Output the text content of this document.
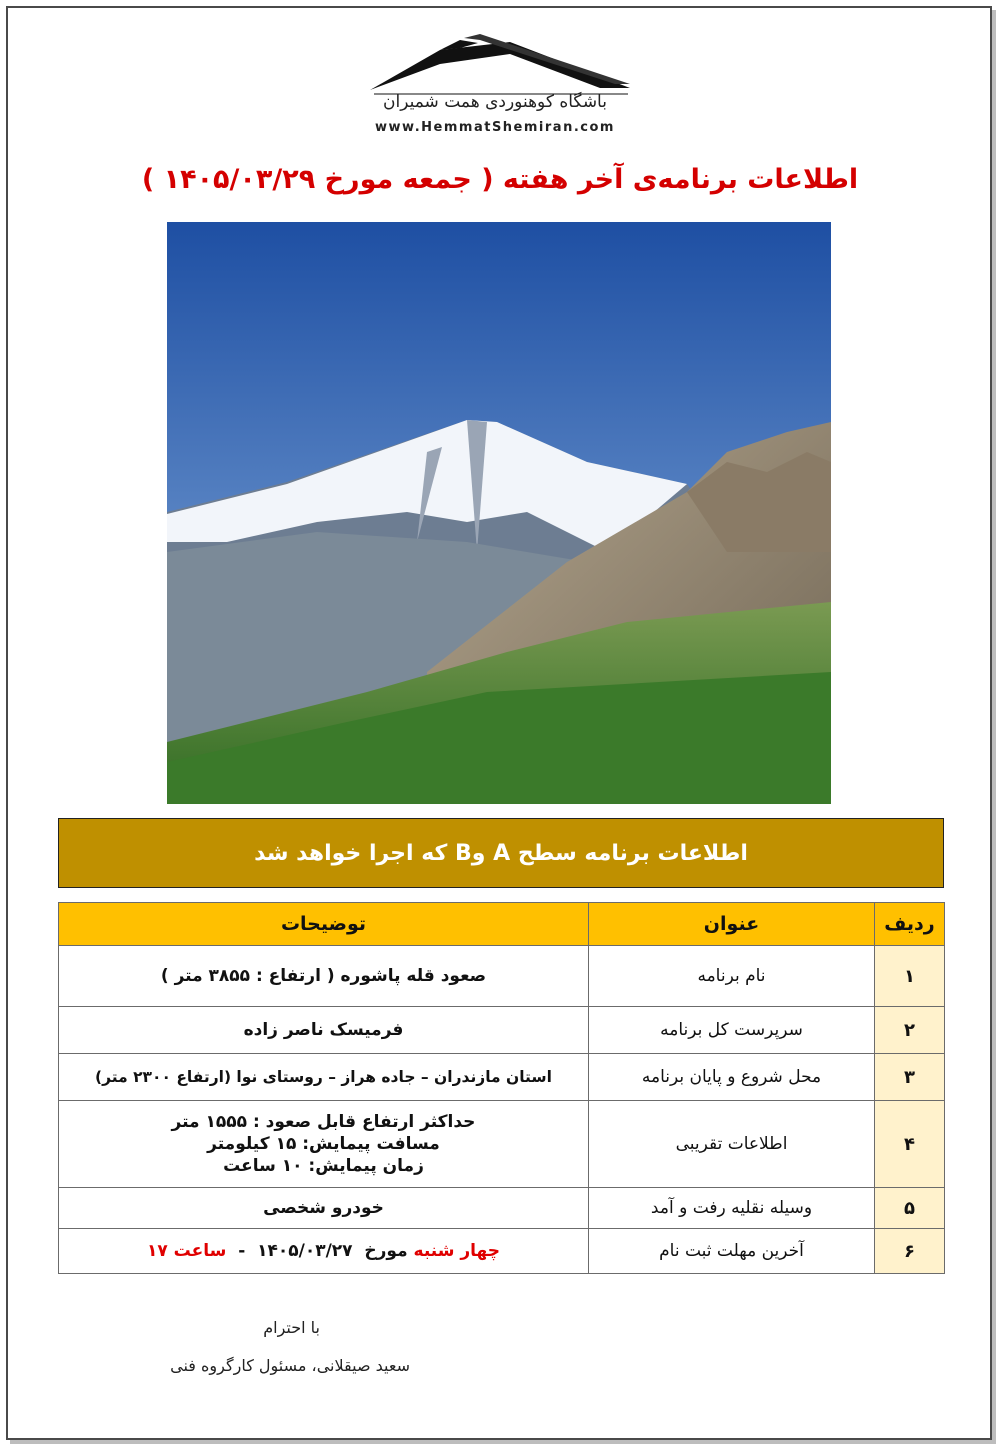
باشگاه کوهنوردی همت شمیران
www.HemmatShemiran.com
اطلاعات برنامه‌ی آخر هفته ( جمعه مورخ ۱۴۰۵/۰۳/۲۹ )
اطلاعات برنامه سطح A وB که اجرا خواهد شد
ردیف	عنوان	توضیحات
۱	نام برنامه	صعود قله پاشوره ( ارتفاع : ۳۸۵۵ متر )
۲	سرپرست کل برنامه	فرمیسک ناصر زاده
۳	محل شروع و پایان برنامه	استان مازندران – جاده هراز – روستای نوا (ارتفاع ۲۳۰۰ متر)
۴	اطلاعات تقریبی	حداکثر ارتفاع قابل صعود : ۱۵۵۵ متر
مسافت پیمایش: ۱۵ کیلومتر
زمان پیمایش: ۱۰ ساعت

۵	وسیله نقلیه رفت و آمد	خودرو شخصی
۶	آخرین مهلت ثبت نام	چهار شنبه مورخ  ۱۴۰۵/۰۳/۲۷  -  ساعت ۱۷
با احترام
سعید صیقلانی، مسئول کارگروه فنی
